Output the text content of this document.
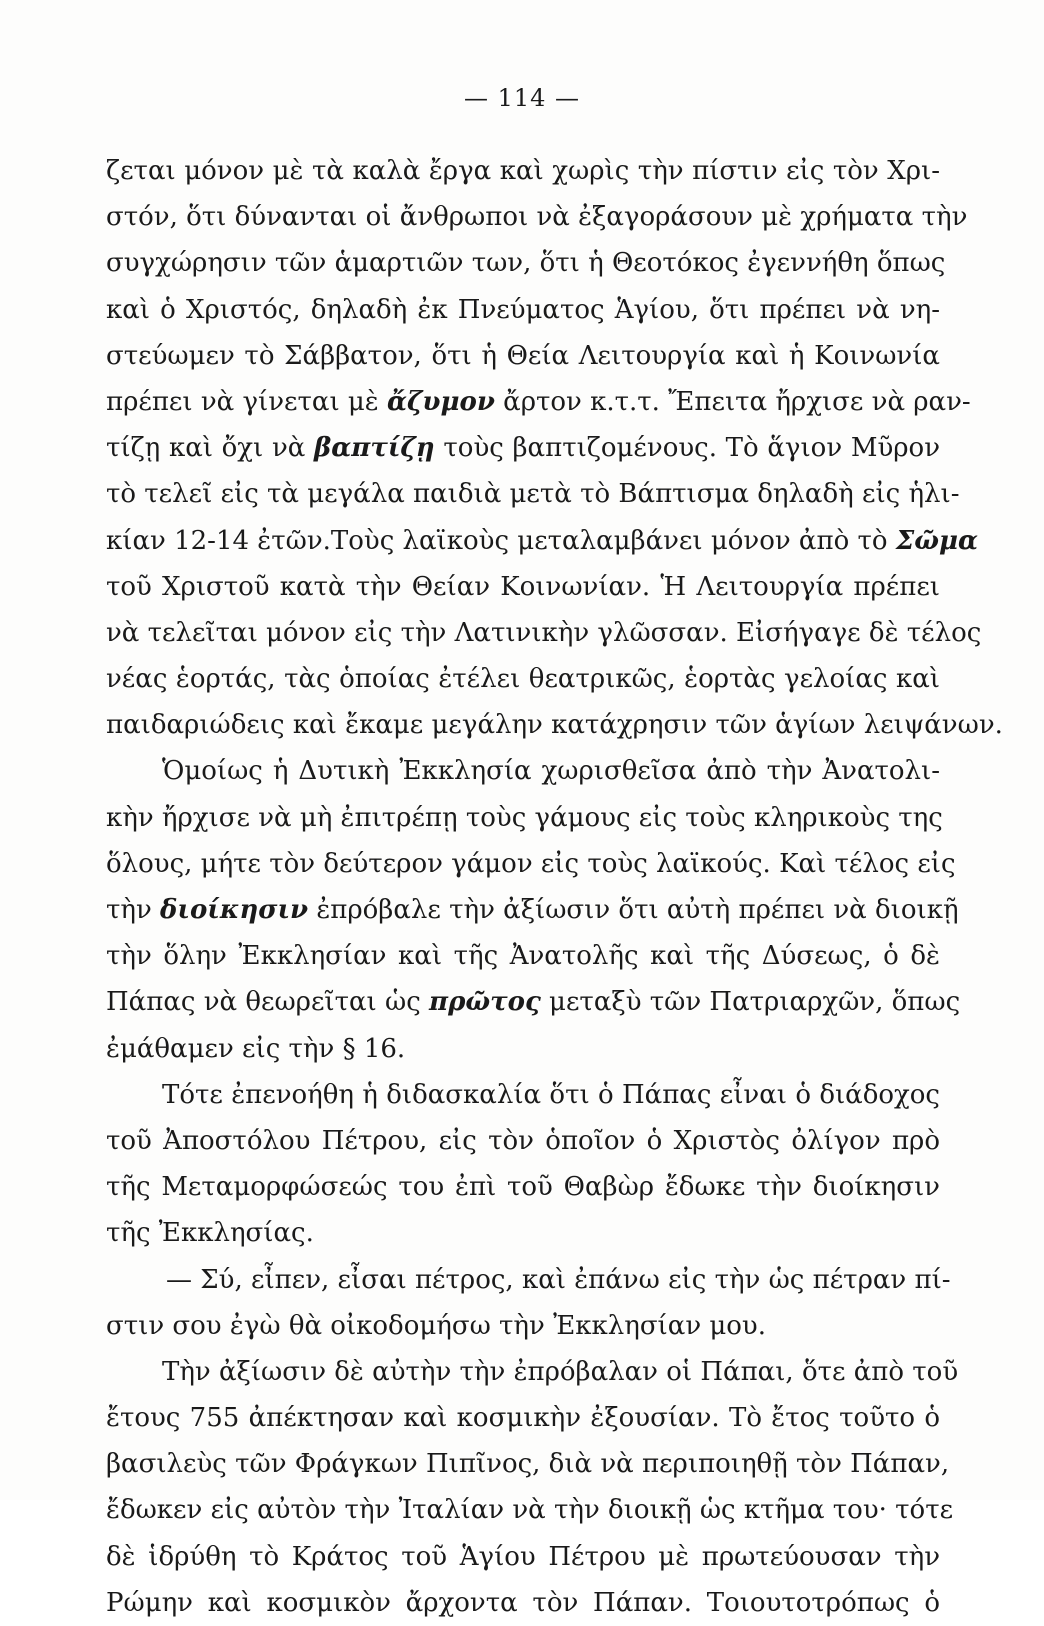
— 114 —
ζεται μόνον μὲ τὰ καλὰ ἔργα καὶ χωρὶς τὴν πίστιν εἰς τὸν Χρι-
στόν, ὅτι δύνανται οἱ ἄνθρωποι νὰ ἐξαγοράσουν μὲ χρήματα τὴν
συγχώρησιν τῶν ἁμαρτιῶν των, ὅτι ἡ Θεοτόκος ἐγεννήθη ὅπως
καὶ ὁ Χριστός, δηλαδὴ ἐκ Πνεύματος Ἁγίου, ὅτι πρέπει νὰ νη-
στεύωμεν τὸ Σάββατον, ὅτι ἡ Θεία Λειτουργία καὶ ἡ Κοινωνία
πρέπει νὰ γίνεται μὲ ἄζυμον ἄρτον κ.τ.τ. Ἔπειτα ἤρχισε νὰ ραν-
τίζῃ καὶ ὄχι νὰ βαπτίζῃ τοὺς βαπτιζομένους. Τὸ ἅγιον Μῦρον
τὸ τελεῖ εἰς τὰ μεγάλα παιδιὰ μετὰ τὸ Βάπτισμα δηλαδὴ εἰς ἡλι-
κίαν 12-14 ἐτῶν.Τοὺς λαϊκοὺς μεταλαμβάνει μόνον ἀπὸ τὸ Σῶμα
τοῦ Χριστοῦ κατὰ τὴν Θείαν Κοινωνίαν. Ἡ Λειτουργία πρέπει
νὰ τελεῖται μόνον εἰς τὴν Λατινικὴν γλῶσσαν. Εἰσήγαγε δὲ τέλος
νέας ἑορτάς, τὰς ὁποίας ἐτέλει θεατρικῶς, ἑορτὰς γελοίας καὶ
παιδαριώδεις καὶ ἔκαμε μεγάλην κατάχρησιν τῶν ἁγίων λειψάνων.
Ὁμοίως ἡ Δυτικὴ Ἐκκλησία χωρισθεῖσα ἀπὸ τὴν Ἀνατολι-
κὴν ἤρχισε νὰ μὴ ἐπιτρέπῃ τοὺς γάμους εἰς τοὺς κληρικοὺς της
ὅλους, μήτε τὸν δεύτερον γάμον εἰς τοὺς λαϊκούς. Καὶ τέλος εἰς
τὴν διοίκησιν ἐπρόβαλε τὴν ἀξίωσιν ὅτι αὐτὴ πρέπει νὰ διοικῇ
τὴν ὅλην Ἐκκλησίαν καὶ τῆς Ἀνατολῆς καὶ τῆς Δύσεως, ὁ δὲ
Πάπας νὰ θεωρεῖται ὡς πρῶτος μεταξὺ τῶν Πατριαρχῶν, ὅπως
ἐμάθαμεν εἰς τὴν § 16.
Τότε ἐπενοήθη ἡ διδασκαλία ὅτι ὁ Πάπας εἶναι ὁ διάδοχος
τοῦ Ἀποστόλου Πέτρου, εἰς τὸν ὁποῖον ὁ Χριστὸς ὀλίγον πρὸ
τῆς Μεταμορφώσεώς του ἐπὶ τοῦ Θαβὼρ ἔδωκε τὴν διοίκησιν
τῆς Ἐκκλησίας.
— Σύ, εἶπεν, εἶσαι πέτρος, καὶ ἐπάνω εἰς τὴν ὡς πέτραν πί-
στιν σου ἐγὼ θὰ οἰκοδομήσω τὴν Ἐκκλησίαν μου.
Τὴν ἀξίωσιν δὲ αὐτὴν τὴν ἐπρόβαλαν οἱ Πάπαι, ὅτε ἀπὸ τοῦ
ἔτους 755 ἀπέκτησαν καὶ κοσμικὴν ἐξουσίαν. Τὸ ἔτος τοῦτο ὁ
βασιλεὺς τῶν Φράγκων Πιπῖνος, διὰ νὰ περιποιηθῇ τὸν Πάπαν,
ἔδωκεν εἰς αὐτὸν τὴν Ἰταλίαν νὰ τὴν διοικῇ ὡς κτῆμα του· τότε
δὲ ἱδρύθη τὸ Κράτος τοῦ Ἁγίου Πέτρου μὲ πρωτεύουσαν τὴν
Ρώμην καὶ κοσμικὸν ἄρχοντα τὸν Πάπαν. Τοιουτοτρόπως ὁ
